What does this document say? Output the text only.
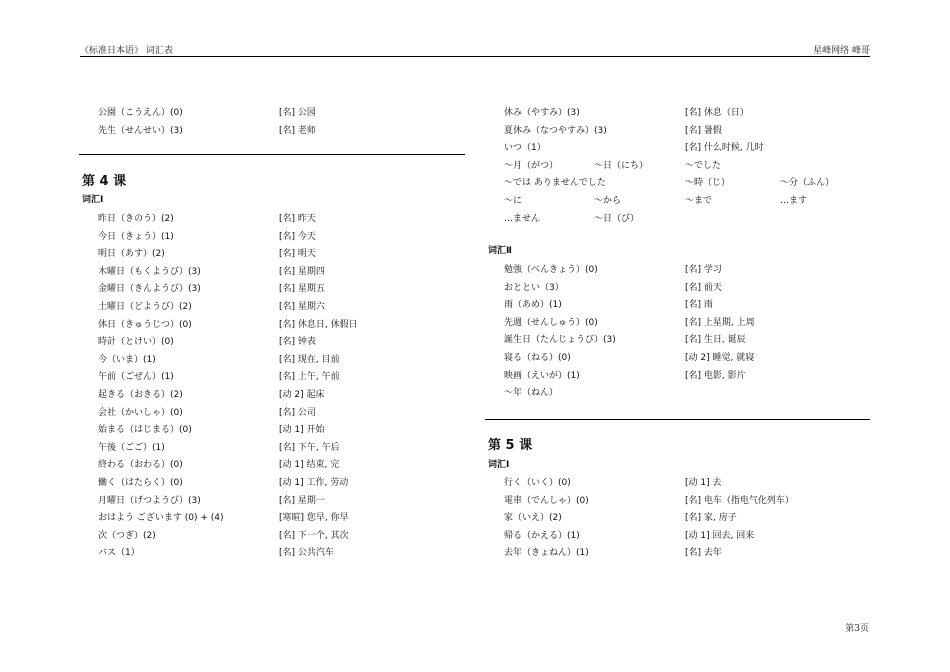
《标准日本语》 词汇表	星峰网络 峰哥
公園（こうえん）(0)	[名] 公园
先生（せんせい）(3)	[名] 老师
第 4 课
词汇Ⅰ
昨日（きのう）(2)	[名] 昨天
今日（きょう）(1)	[名] 今天
明日（あす）(2)	[名] 明天
木曜日（もくようび）(3)	[名] 星期四
金曜日（きんようび）(3)	[名] 星期五
土曜日（どようび）(2)	[名] 星期六
休日（きゅうじつ）(0)	[名] 休息日, 休假日
時計（とけい）(0)	[名] 钟表
今（いま）(1)	[名] 现在, 目前
午前（ごぜん）(1)	[名] 上午, 午前
起きる（おきる）(2)	[动 2] 起床
会社（かいしゃ）(0)	[名] 公司
始まる（はじまる）(0)	[动 1] 开始
午後（ごご）(1)	[名] 下午, 午后
終わる（おわる）(0)	[动 1] 结束, 完
働く（はたらく）(0)	[动 1] 工作, 劳动
月曜日（げつようび）(3)	[名] 星期一
おはよう ございます (0) + (4)	[寒暄] 您早, 你早
次（つぎ）(2)	[名] 下一个, 其次
バス（1）	[名] 公共汽车
休み（やすみ）(3)	[名] 休息（日）
夏休み（なつやすみ）(3)	[名] 暑假
いつ（1）	[名] 什么时候, 几时
～月（がつ）	～日（にち）	～でした
～では ありませんでした	～時（じ）	～分（ふん）
～に	～から	～まで	…ます
…ません	～日（び）
词汇Ⅱ
勉強（べんきょう）(0)	[名] 学习
おととい（3）	[名] 前天
雨（あめ）(1)	[名] 雨
先週（せんしゅう）(0)	[名] 上星期, 上周
誕生日（たんじょうび）(3)	[名] 生日, 诞辰
寝る（ねる）(0)	[动 2] 睡觉, 就寝
映画（えいが）(1)	[名] 电影, 影片
～年（ねん）
第 5 课
词汇Ⅰ
行く（いく）(0)	[动 1] 去
電車（でんしゃ）(0)	[名] 电车（指电气化列车）
家（いえ）(2)	[名] 家, 房子
帰る（かえる）(1)	[动 1] 回去, 回来
去年（きょねん）(1)	[名] 去年
第3页
